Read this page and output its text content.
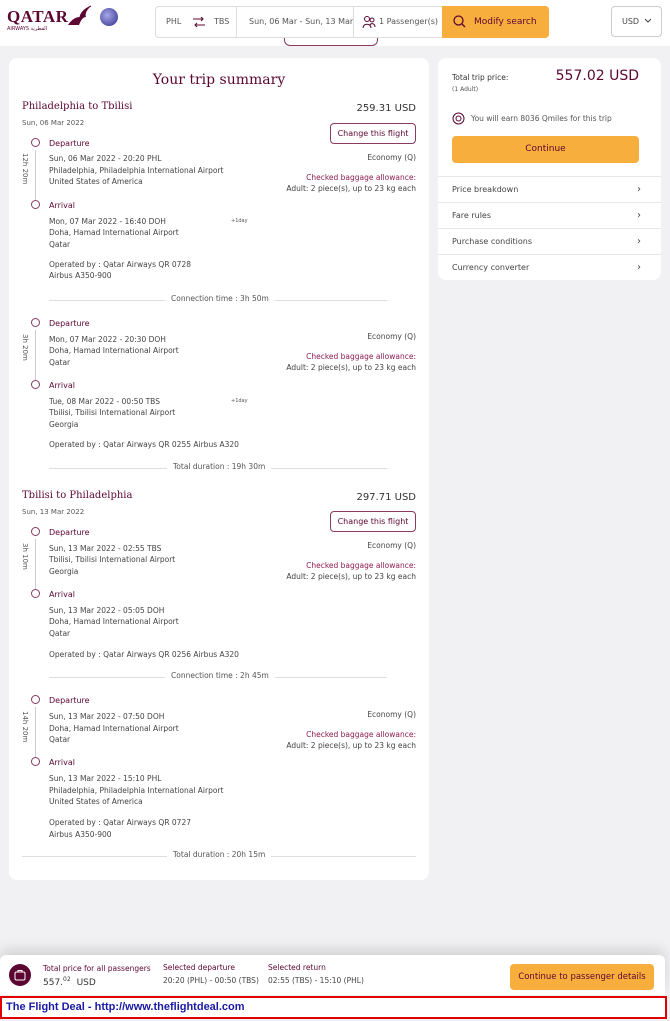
QATAR
AIRWAYS القطرية
PHL	TBS Sun, 06 Mar - Sun, 13 Mar	1 Passenger(s)	Modify search	USD
Your trip summary
Philadelphia to Tbilisi
Sun, 06 Mar 2022
259.31 USD
Change this flight
12h 20m
Departure
Sun, 06 Mar 2022 - 20:20 PHL
Philadelphia, Philadelphia International Airport
United States of America
Economy (Q)
Checked baggage allowance:
Adult: 2 piece(s), up to 23 kg each
Arrival
Mon, 07 Mar 2022 - 16:40 DOH	+1day
Doha, Hamad International Airport
Qatar
Operated by : Qatar Airways QR 0728
Airbus A350-900
Connection time : 3h 50m
3h 20m
Departure
Mon, 07 Mar 2022 - 20:30 DOH
Doha, Hamad International Airport
Qatar
Economy (Q)
Checked baggage allowance:
Adult: 2 piece(s), up to 23 kg each
Arrival
Tue, 08 Mar 2022 - 00:50 TBS	+1day
Tbilisi, Tbilisi International Airport
Georgia
Operated by : Qatar Airways QR 0255 Airbus A320
Total duration : 19h 30m
Tbilisi to Philadelphia
Sun, 13 Mar 2022
297.71 USD
Change this flight
3h 10m
Departure
Sun, 13 Mar 2022 - 02:55 TBS
Tbilisi, Tbilisi International Airport
Georgia
Economy (Q)
Checked baggage allowance:
Adult: 2 piece(s), up to 23 kg each
Arrival
Sun, 13 Mar 2022 - 05:05 DOH
Doha, Hamad International Airport
Qatar
Operated by : Qatar Airways QR 0256 Airbus A320
Connection time : 2h 45m
14h 20m
Departure
Sun, 13 Mar 2022 - 07:50 DOH
Doha, Hamad International Airport
Qatar
Economy (Q)
Checked baggage allowance:
Adult: 2 piece(s), up to 23 kg each
Arrival
Sun, 13 Mar 2022 - 15:10 PHL
Philadelphia, Philadelphia International Airport
United States of America
Operated by : Qatar Airways QR 0727
Airbus A350-900
Total duration : 20h 15m
Total trip price:
(1 Adult)
557.02 USD
You will earn 8036 Qmiles for this trip
Continue
Price breakdown	›
Fare rules	›
Purchase conditions	›
Currency converter	›
Total price for all passengers
557.02 USD
Selected departure
20:20 (PHL) - 00:50 (TBS)
Selected return
02:55 (TBS) - 15:10 (PHL)	Continue to passenger details
The Flight Deal - http://www.theflightdeal.com
